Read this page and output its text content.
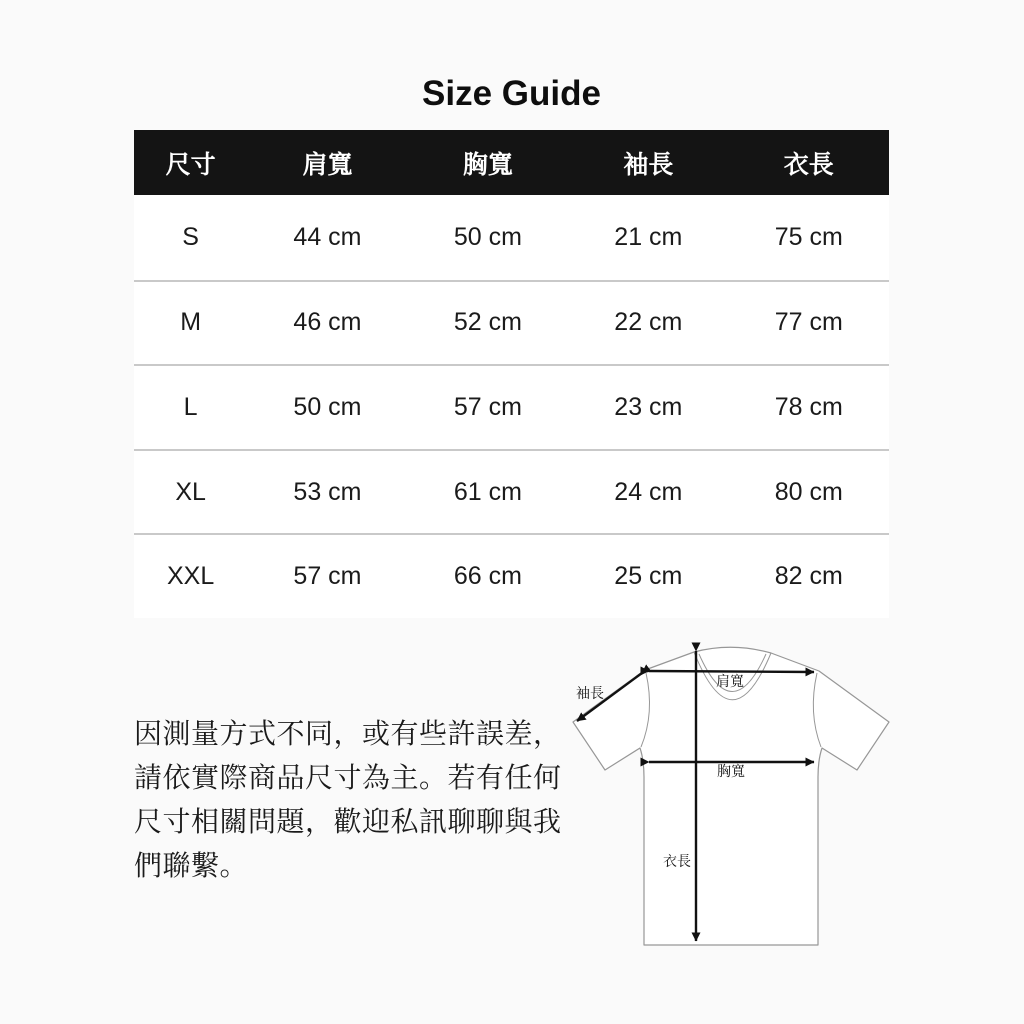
Size Guide
尺寸	肩寬	胸寬	袖長	衣長
S	44 cm	50 cm	21 cm	75 cm
M	46 cm	52 cm	22 cm	77 cm
L	50 cm	57 cm	23 cm	78 cm
XL	53 cm	61 cm	24 cm	80 cm
XXL	57 cm	66 cm	25 cm	82 cm
因測量方式不同，或有些許誤差，
請依實際商品尺寸為主。若有任何
尺寸相關問題，歡迎私訊聊聊與我
們聯繫。
肩寬
袖長
胸寬
衣長
